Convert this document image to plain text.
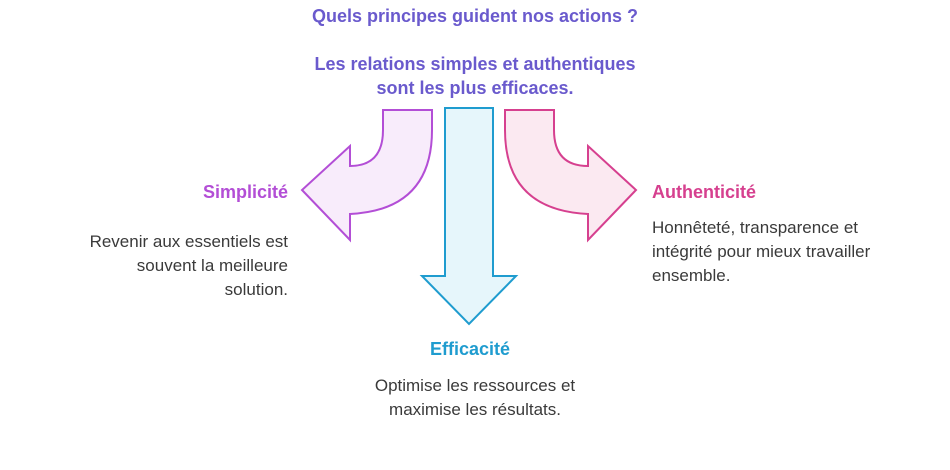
Quels principes guident nos actions ?
Les relations simples et authentiques
sont les plus efficaces.
Simplicité
Revenir aux essentiels est
souvent la meilleure
solution.
Authenticité
Honnêteté, transparence et
intégrité pour mieux travailler
ensemble.
Efficacité
Optimise les ressources et
maximise les résultats.
